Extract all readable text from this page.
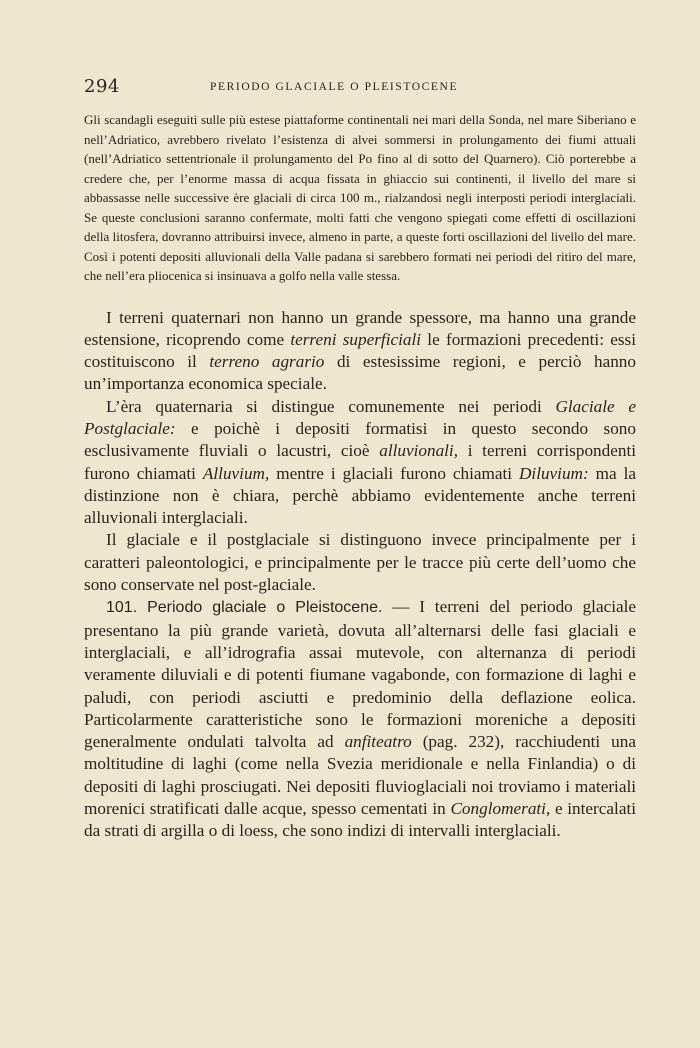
294	PERIODO GLACIALE O PLEISTOCENE
Gli scandagli eseguiti sulle più estese piattaforme continentali nei mari della Sonda, nel mare Siberiano e nell’Adriatico, avrebbero rivelato l’esistenza di alvei sommersi in prolungamento dei fiumi attuali (nell’Adriatico settentrionale il prolungamento del Po fino al di sotto del Quarnero). Ciò porterebbe a credere che, per l’enorme massa di acqua fissata in ghiaccio sui continenti, il livello del mare si abbassasse nelle successive ère glaciali di circa 100 m., rialzandosi negli interposti periodi interglaciali. Se queste conclusioni saranno confermate, molti fatti che vengono spiegati come effetti di oscillazioni della litosfera, dovranno attribuirsi invece, almeno in parte, a queste forti oscillazioni del livello del mare. Così i potenti depositi alluvionali della Valle padana si sarebbero formati nei periodi del ritiro del mare, che nell’era pliocenica si insinuava a golfo nella valle stessa.

I terreni quaternari non hanno un grande spessore, ma hanno una grande estensione, ricoprendo come terreni superficiali le formazioni precedenti: essi costituiscono il terreno agrario di estesissime regioni, e perciò hanno un’importanza economica speciale.

L’èra quaternaria si distingue comunemente nei periodi Glaciale e Postglaciale: e poichè i depositi formatisi in questo secondo sono esclusivamente fluviali o lacustri, cioè alluvionali, i terreni corrispondenti furono chiamati Alluvium, mentre i glaciali furono chiamati Diluvium: ma la distinzione non è chiara, perchè abbiamo evidentemente anche terreni alluvionali interglaciali.

Il glaciale e il postglaciale si distinguono invece principalmente per i caratteri paleontologici, e principalmente per le tracce più certe dell’uomo che sono conservate nel post-glaciale.

101. Periodo glaciale o Pleistocene. — I terreni del periodo glaciale presentano la più grande varietà, dovuta all’alternarsi delle fasi glaciali e interglaciali, e all’idrografia assai mutevole, con alternanza di periodi veramente diluviali e di potenti fiumane vagabonde, con formazione di laghi e paludi, con periodi asciutti e predominio della deflazione eolica. Particolarmente caratteristiche sono le formazioni moreniche a depositi generalmente ondulati talvolta ad anfiteatro (pag. 232), racchiudenti una moltitudine di laghi (come nella Svezia meridionale e nella Finlandia) o di depositi di laghi prosciugati. Nei depositi fluvioglaciali noi troviamo i materiali morenici stratificati dalle acque, spesso cementati in Conglomerati, e intercalati da strati di argilla o di loess, che sono indizi di intervalli interglaciali.
